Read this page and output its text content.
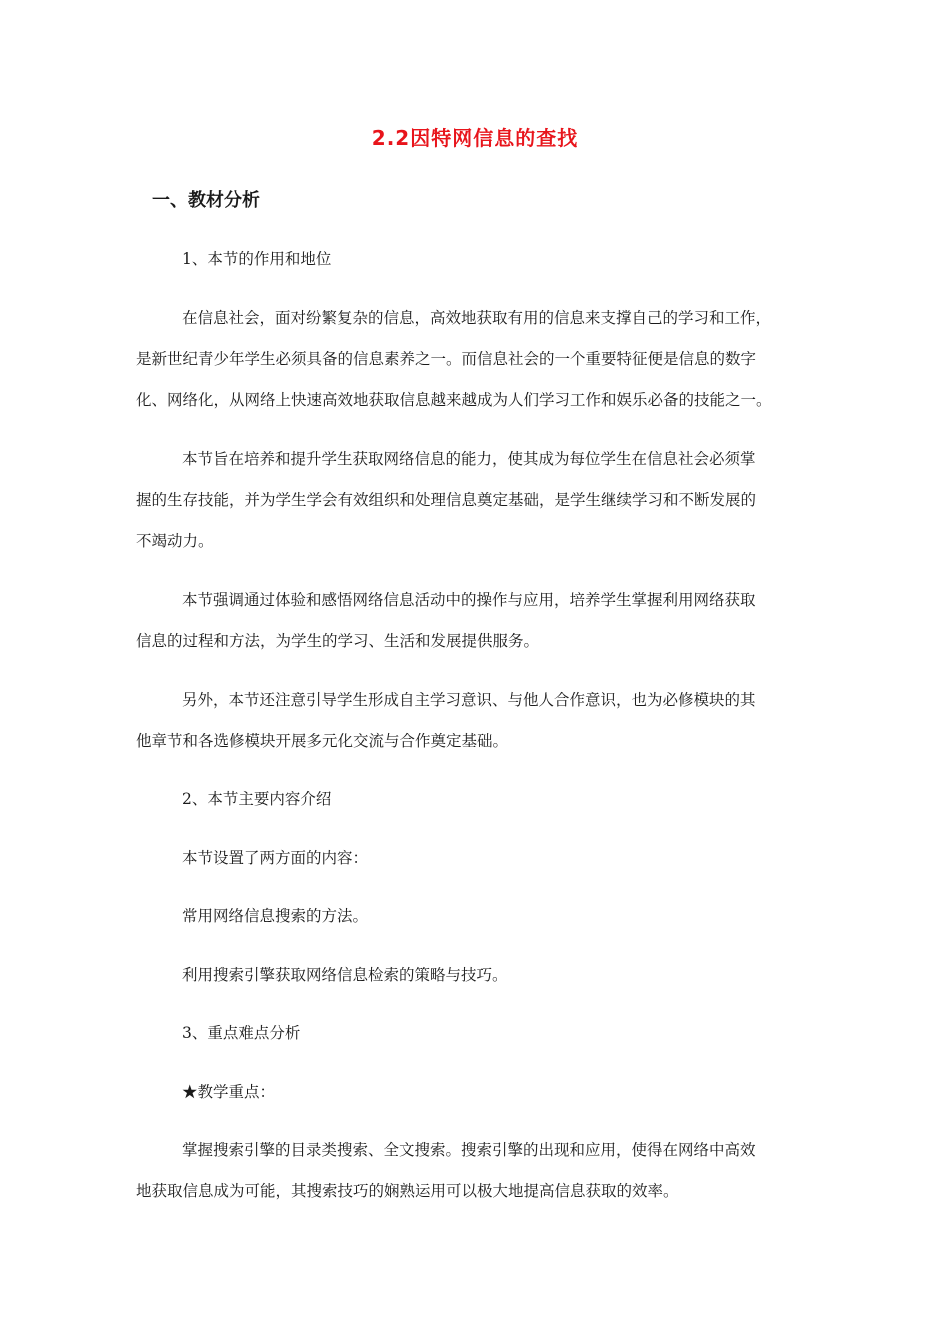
2.2因特网信息的查找
一、教材分析

1、本节的作用和地位

在信息社会，面对纷繁复杂的信息，高效地获取有用的信息来支撑自己的学习和工作，

是新世纪青少年学生必须具备的信息素养之一。而信息社会的一个重要特征便是信息的数字

化、网络化，从网络上快速高效地获取信息越来越成为人们学习工作和娱乐必备的技能之一。

本节旨在培养和提升学生获取网络信息的能力，使其成为每位学生在信息社会必须掌

握的生存技能，并为学生学会有效组织和处理信息奠定基础，是学生继续学习和不断发展的

不竭动力。

本节强调通过体验和感悟网络信息活动中的操作与应用，培养学生掌握利用网络获取

信息的过程和方法，为学生的学习、生活和发展提供服务。

另外，本节还注意引导学生形成自主学习意识、与他人合作意识，也为必修模块的其

他章节和各选修模块开展多元化交流与合作奠定基础。

2、本节主要内容介绍

本节设置了两方面的内容：

常用网络信息搜索的方法。

利用搜索引擎获取网络信息检索的策略与技巧。

3、重点难点分析

★教学重点：

掌握搜索引擎的目录类搜索、全文搜索。搜索引擎的出现和应用，使得在网络中高效

地获取信息成为可能，其搜索技巧的娴熟运用可以极大地提高信息获取的效率。
